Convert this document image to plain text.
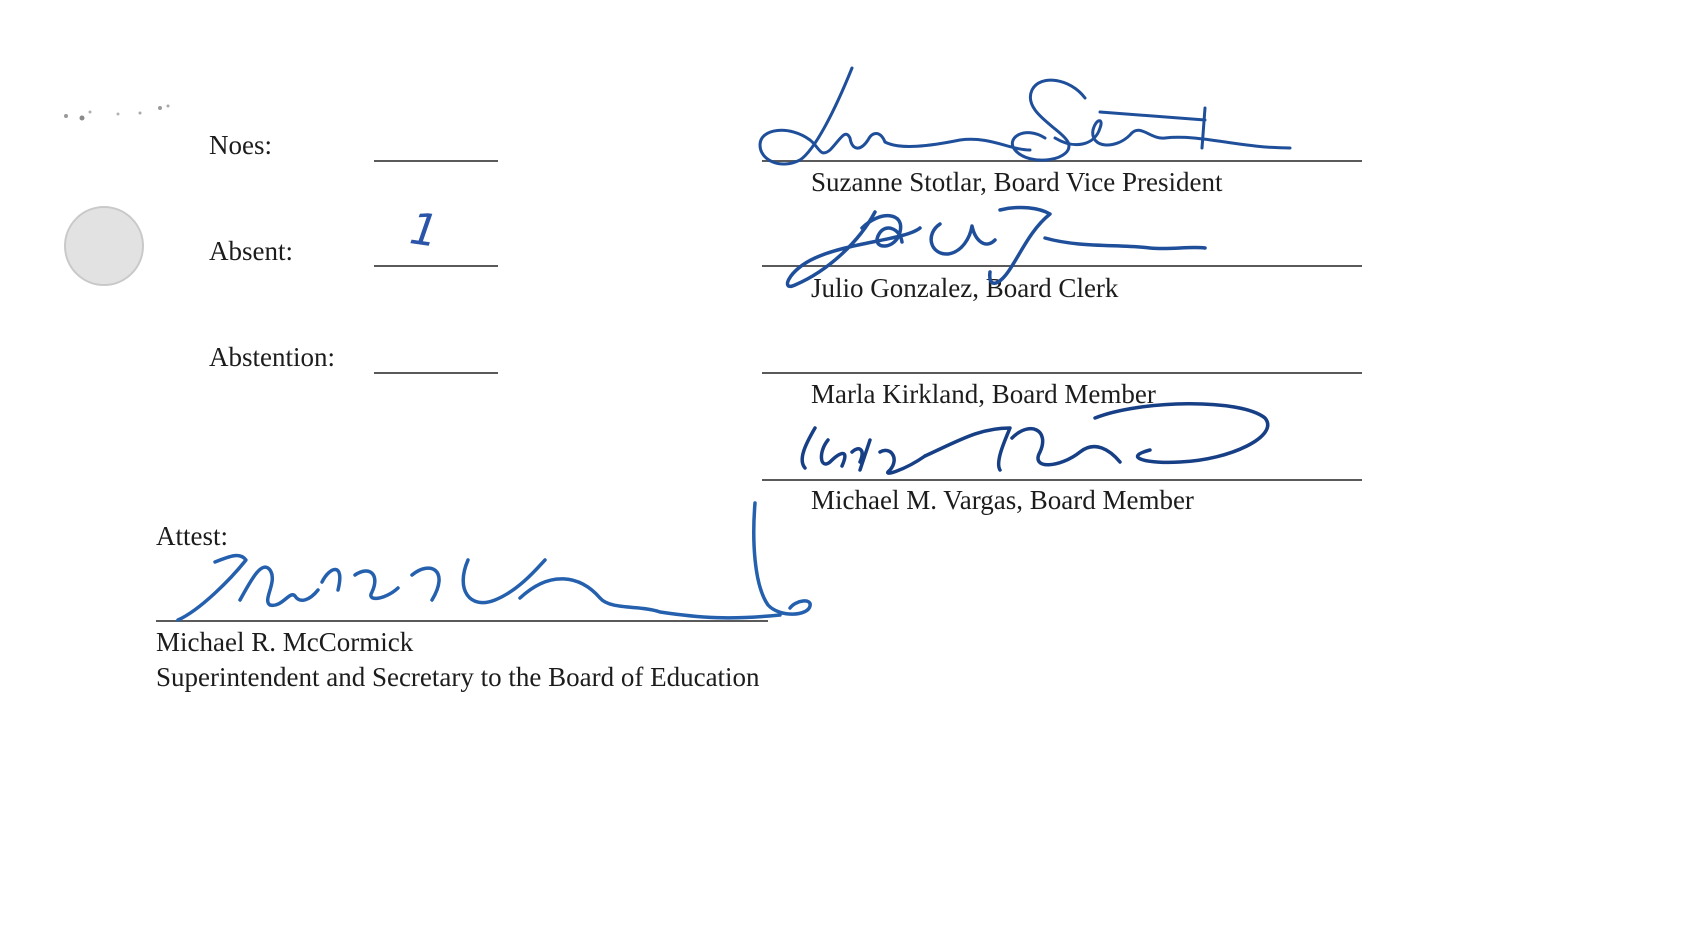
Noes:
Absent:	1
Abstention:
Suzanne Stotlar, Board Vice President
Julio Gonzalez, Board Clerk
Marla Kirkland, Board Member
Michael M. Vargas, Board Member
Attest:
Michael R. McCormick
Superintendent and Secretary to the Board of Education
